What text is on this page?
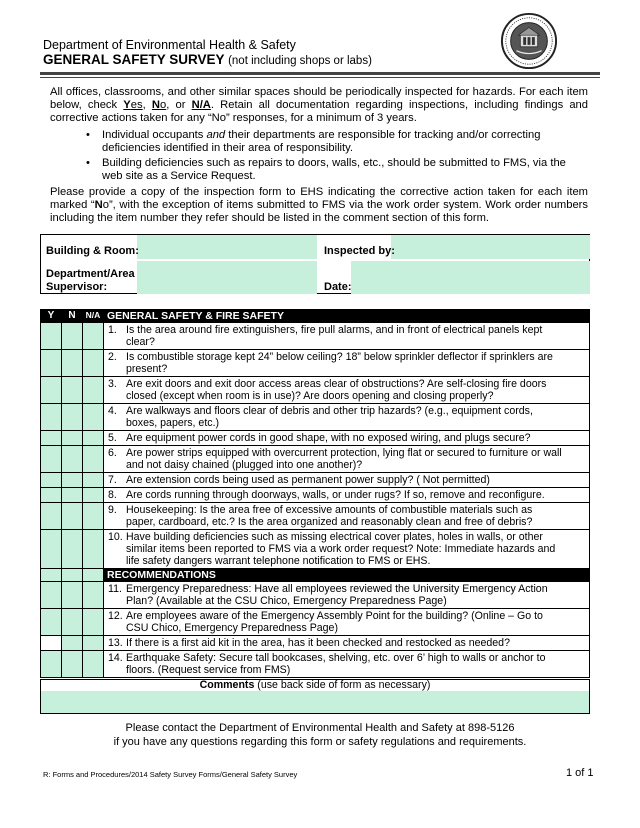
Department of Environmental Health & Safety
GENERAL SAFETY SURVEY (not including shops or labs)
All offices, classrooms, and other similar spaces should be periodically inspected for hazards. For each item below, check Yes, No, or N/A. Retain all documentation regarding inspections, including findings and corrective actions taken for any “No” responses, for a minimum of 3 years.
• Individual occupants and their departments are responsible for tracking and/or correcting deficiencies identified in their area of responsibility.
• Building deficiencies such as repairs to doors, walls, etc., should be submitted to FMS, via the web site as a Service Request.
Please provide a copy of the inspection form to EHS indicating the corrective action taken for each item marked “No”, with the exception of items submitted to FMS via the work order system. Work order numbers including the item number they refer should be listed in the comment section of this form.
Building & Room:	Inspected by:
Department/Area
Supervisor:	Date:
Y	N	N/A	GENERAL SAFETY & FIRE SAFETY
			1. Is the area around fire extinguishers, fire pull alarms, and in front of electrical panels kept clear?
			2. Is combustible storage kept 24” below ceiling? 18” below sprinkler deflector if sprinklers are present?
			3. Are exit doors and exit door access areas clear of obstructions? Are self-closing fire doors closed (except when room is in use)? Are doors opening and closing properly?
			4. Are walkways and floors clear of debris and other trip hazards? (e.g., equipment cords, boxes, papers, etc.)
			5. Are equipment power cords in good shape, with no exposed wiring, and plugs secure?
			6. Are power strips equipped with overcurrent protection, lying flat or secured to furniture or wall and not daisy chained (plugged into one another)?
			7. Are extension cords being used as permanent power supply? ( Not permitted)
			8. Are cords running through doorways, walls, or under rugs? If so, remove and reconfigure.
			9. Housekeeping: Is the area free of excessive amounts of combustible materials such as paper, cardboard, etc.? Is the area organized and reasonably clean and free of debris?
			10. Have building deficiencies such as missing electrical cover plates, holes in walls, or other similar items been reported to FMS via a work order request? Note: Immediate hazards and life safety dangers warrant telephone notification to FMS or EHS.
			RECOMMENDATIONS
			11. Emergency Preparedness: Have all employees reviewed the University Emergency Action Plan? (Available at the CSU Chico, Emergency Preparedness Page)
			12. Are employees aware of the Emergency Assembly Point for the building? (Online – Go to CSU Chico, Emergency Preparedness Page)
			13. If there is a first aid kit in the area, has it been checked and restocked as needed?
			14. Earthquake Safety: Secure tall bookcases, shelving, etc. over 6’ high to walls or anchor to floors. (Request service from FMS)
Comments (use back side of form as necessary)
Please contact the Department of Environmental Health and Safety at 898-5126
if you have any questions regarding this form or safety regulations and requirements.
R: Forms and Procedures/2014 Safety Survey Forms/General Safety Survey	1 of 1
